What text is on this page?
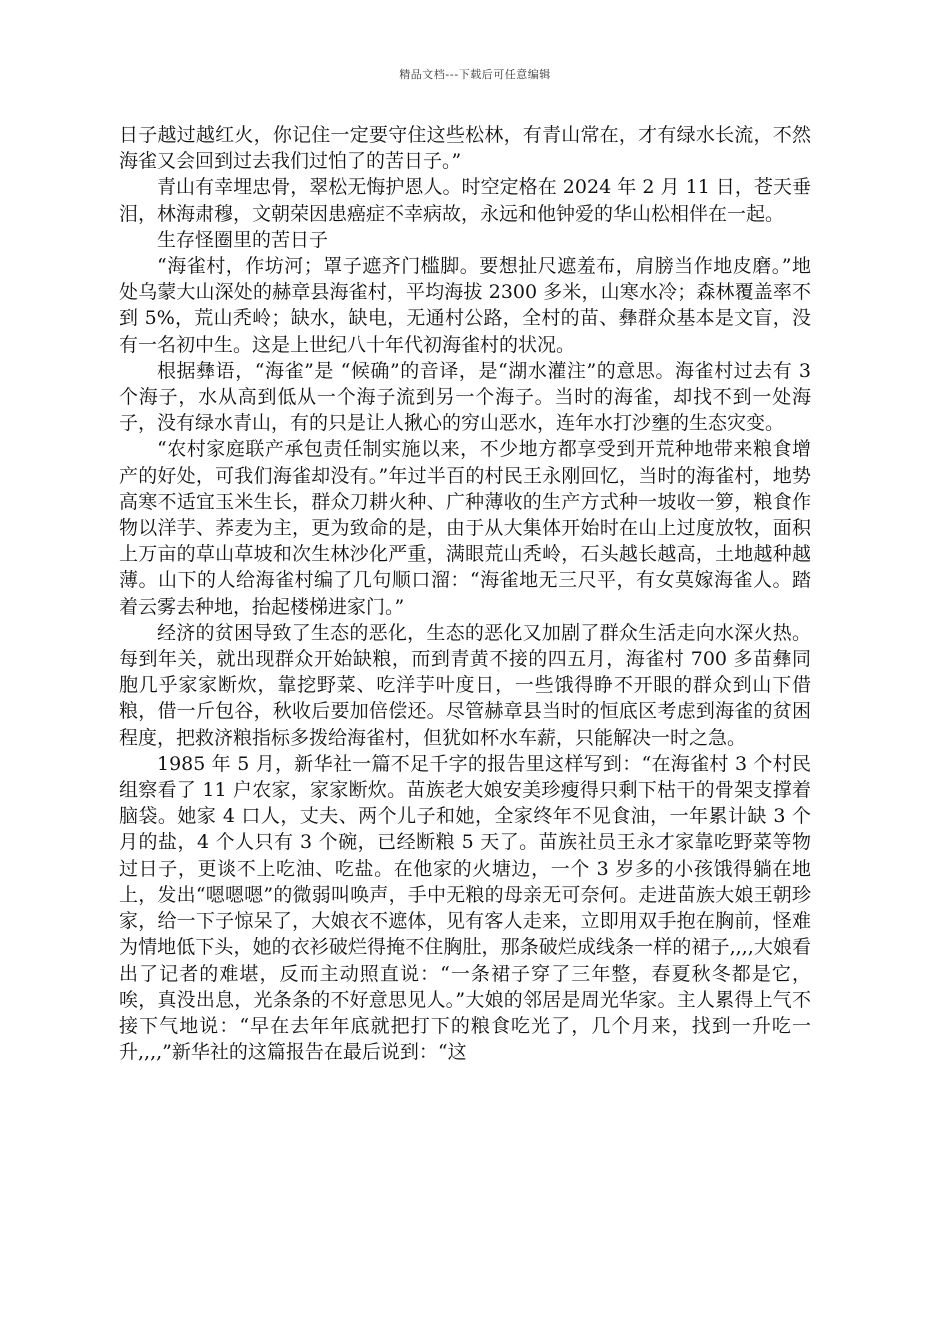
精品文档---下载后可任意编辑

日子越过越红火，你记住一定要守住这些松林，有青山常在，才有绿水长流，不然海雀又会回到过去我们过怕了的苦日子。”

青山有幸埋忠骨，翠松无悔护恩人。时空定格在 2024 年 2 月 11 日，苍天垂泪，林海肃穆，文朝荣因患癌症不幸病故，永远和他钟爱的华山松相伴在一起。

生存怪圈里的苦日子

“海雀村，作坊河；罩子遮齐门槛脚。要想扯尺遮羞布，肩膀当作地皮磨。”地处乌蒙大山深处的赫章县海雀村，平均海拔 2300 多米，山寒水冷；森林覆盖率不到 5%，荒山秃岭；缺水，缺电，无通村公路，全村的苗、彝群众基本是文盲，没有一名初中生。这是上世纪八十年代初海雀村的状况。

根据彝语，“海雀”是 “候确”的音译，是“湖水灌注”的意思。海雀村过去有 3 个海子，水从高到低从一个海子流到另一个海子。当时的海雀，却找不到一处海子，没有绿水青山，有的只是让人揪心的穷山恶水，连年水打沙壅的生态灾变。

“农村家庭联产承包责任制实施以来，不少地方都享受到开荒种地带来粮食增产的好处，可我们海雀却没有。”年过半百的村民王永刚回忆，当时的海雀村，地势高寒不适宜玉米生长，群众刀耕火种、广种薄收的生产方式种一坡收一箩，粮食作物以洋芋、荞麦为主，更为致命的是，由于从大集体开始时在山上过度放牧，面积上万亩的草山草坡和次生林沙化严重，满眼荒山秃岭，石头越长越高，土地越种越薄。山下的人给海雀村编了几句顺口溜：“海雀地无三尺平，有女莫嫁海雀人。踏着云雾去种地，抬起楼梯进家门。”

经济的贫困导致了生态的恶化，生态的恶化又加剧了群众生活走向水深火热。每到年关，就出现群众开始缺粮，而到青黄不接的四五月，海雀村 700 多苗彝同胞几乎家家断炊，靠挖野菜、吃洋芋叶度日，一些饿得睁不开眼的群众到山下借粮，借一斤包谷，秋收后要加倍偿还。尽管赫章县当时的恒底区考虑到海雀的贫困程度，把救济粮指标多拨给海雀村，但犹如杯水车薪，只能解决一时之急。

1985 年 5 月，新华社一篇不足千字的报告里这样写到：“在海雀村 3 个村民组察看了 11 户农家，家家断炊。苗族老大娘安美珍瘦得只剩下枯干的骨架支撑着脑袋。她家 4 口人，丈夫、两个儿子和她，全家终年不见食油，一年累计缺 3 个月的盐，4 个人只有 3 个碗，已经断粮 5 天了。苗族社员王永才家靠吃野菜等物过日子，更谈不上吃油、吃盐。在他家的火塘边，一个 3 岁多的小孩饿得躺在地上，发出“嗯嗯嗯”的微弱叫唤声，手中无粮的母亲无可奈何。走进苗族大娘王朝珍家，给一下子惊呆了，大娘衣不遮体，见有客人走来，立即用双手抱在胸前，怪难为情地低下头，她的衣衫破烂得掩不住胸肚，那条破烂成线条一样的裙子,,,,大娘看出了记者的难堪，反而主动照直说：“一条裙子穿了三年整，春夏秋冬都是它，唉，真没出息，光条条的不好意思见人。”大娘的邻居是周光华家。主人累得上气不接下气地说：“早在去年年底就把打下的粮食吃光了，几个月来，找到一升吃一升,,,,”新华社的这篇报告在最后说到：“这
